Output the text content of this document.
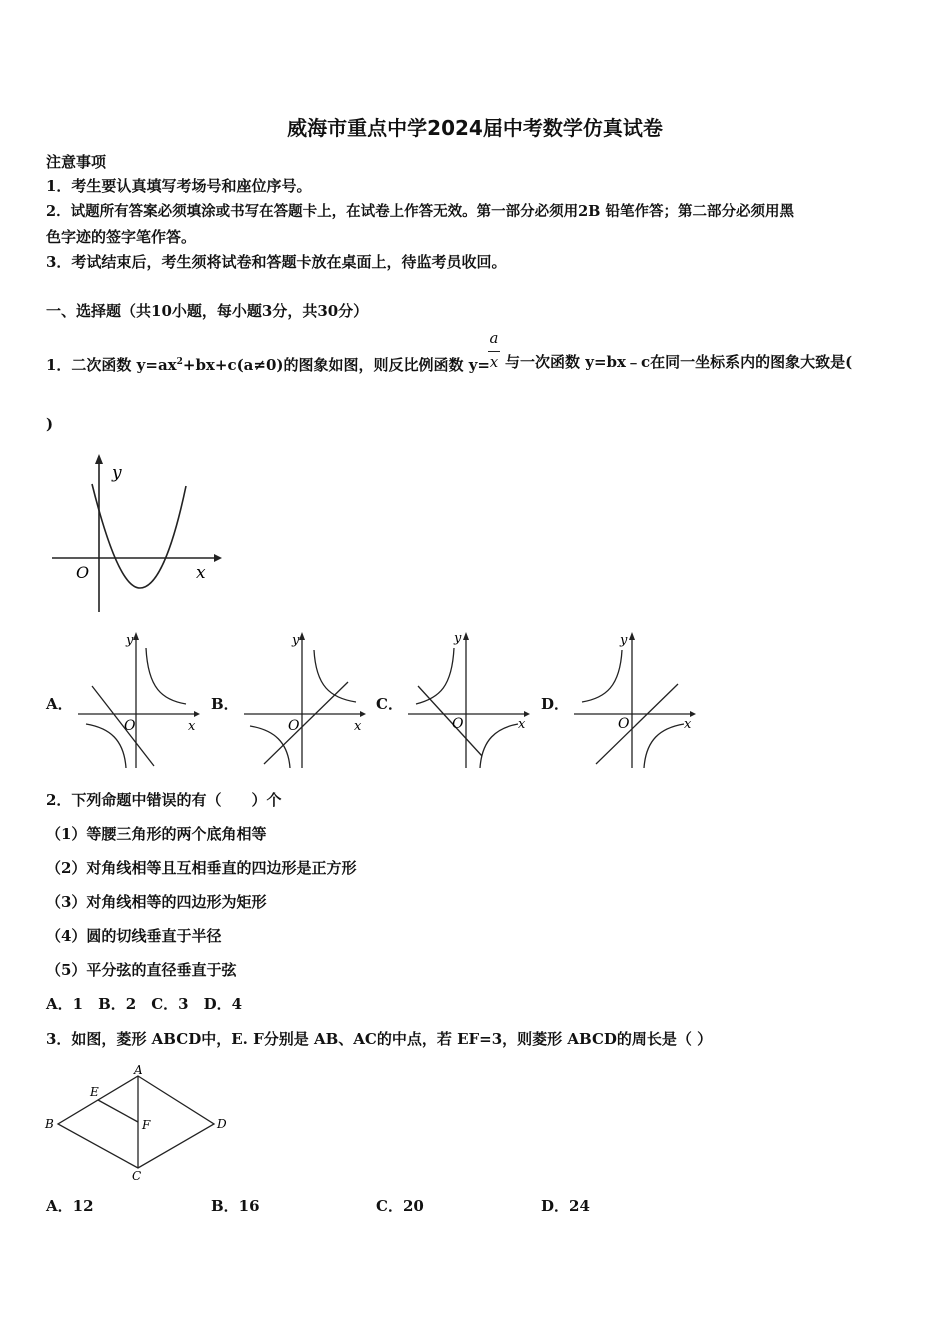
威海市重点中学2024届中考数学仿真试卷
注意事项
1．考生要认真填写考场号和座位序号。
2．试题所有答案必须填涂或书写在答题卡上，在试卷上作答无效。第一部分必须用2B 铅笔作答；第二部分必须用黑
色字迹的签字笔作答。
3．考试结束后，考生须将试卷和答题卡放在桌面上，待监考员收回。
一、选择题（共10小题，每小题3分，共30分）
1．二次函数 $y=ax^2+bx+c(a\ne 0)$的图象如图，则反比例函数 y=
a
x 与一次函数 y=bx﹣c在同一坐标系内的图象大致是(
)
y
x
O
A．
y
x
O
B．
y
x
O
C．
y
x
O
D．
y
x
O
2．下列命题中错误的有（　　）个
（1）等腰三角形的两个底角相等
（2）对角线相等且互相垂直的四边形是正方形
（3）对角线相等的四边形为矩形
（4）圆的切线垂直于半径
（5）平分弦的直径垂直于弦
A．1　B．2　C．3　D．4
3．如图，菱形 ABCD中，E. F分别是 AB、AC的中点，若 EF=3，则菱形 ABCD的周长是（ ）
A
B
C
D
E
F
A．12	B．16	C．20	D．24
